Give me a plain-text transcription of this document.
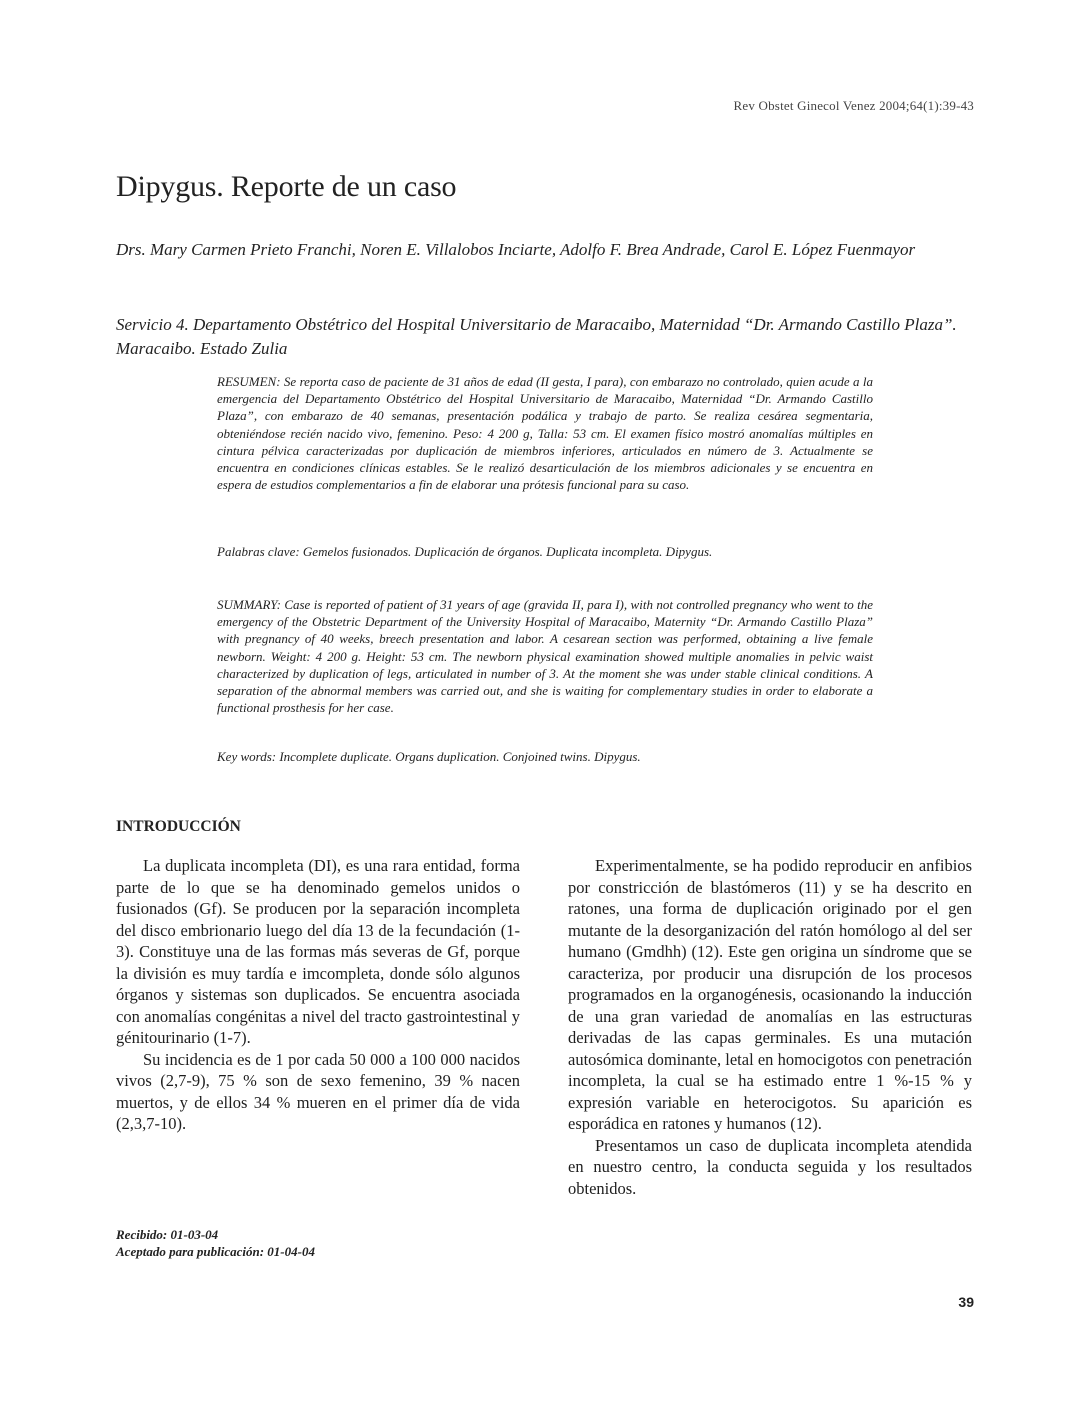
Rev Obstet Ginecol Venez 2004;64(1):39-43
Dipygus. Reporte de un caso
Drs. Mary Carmen Prieto Franchi, Noren E. Villalobos Inciarte, Adolfo F. Brea Andrade, Carol E. López Fuenmayor
Servicio 4. Departamento Obstétrico del Hospital Universitario de Maracaibo, Maternidad “Dr. Armando Castillo Plaza”. Maracaibo. Estado Zulia
RESUMEN: Se reporta caso de paciente de 31 años de edad (II gesta, I para), con embarazo no controlado, quien acude a la emergencia del Departamento Obstétrico del Hospital Universitario de Maracaibo, Maternidad “Dr. Armando Castillo Plaza”, con embarazo de 40 semanas, presentación podálica y trabajo de parto. Se realiza cesárea segmentaria, obteniéndose recién nacido vivo, femenino. Peso: 4 200 g, Talla: 53 cm. El examen físico mostró anomalías múltiples en cintura pélvica caracterizadas por duplicación de miembros inferiores, articulados en número de 3. Actualmente se encuentra en condiciones clínicas estables. Se le realizó desarticulación de los miembros adicionales y se encuentra en espera de estudios complementarios a fin de elaborar una prótesis funcional para su caso.
Palabras clave: Gemelos fusionados. Duplicación de órganos. Duplicata incompleta. Dipygus.
SUMMARY: Case is reported of patient of 31 years of age (gravida II, para I), with not controlled pregnancy who went to the emergency of the Obstetric Department of the University Hospital of Maracaibo, Maternity “Dr. Armando Castillo Plaza” with pregnancy of 40 weeks, breech presentation and labor. A cesarean section was performed, obtaining a live female newborn. Weight: 4 200 g. Height: 53 cm. The newborn physical examination showed multiple anomalies in pelvic waist characterized by duplication of legs, articulated in number of 3. At the moment she was under stable clinical conditions. A separation of the abnormal members was carried out, and she is waiting for complementary studies in order to elaborate a functional prosthesis for her case.
Key words: Incomplete duplicate. Organs duplication. Conjoined twins. Dipygus.
INTRODUCCIÓN

La duplicata incompleta (DI), es una rara entidad, forma parte de lo que se ha denominado gemelos unidos o fusionados (Gf). Se producen por la separación incompleta del disco embrionario luego del día 13 de la fecundación (1-3). Constituye una de las formas más severas de Gf, porque la división es muy tardía e imcompleta, donde sólo algunos órganos y sistemas son duplicados. Se encuentra asociada con anomalías congénitas a nivel del tracto gastrointestinal y génitourinario (1-7).

Su incidencia es de 1 por cada 50 000 a 100 000 nacidos vivos (2,7-9), 75 % son de sexo femenino, 39 % nacen muertos, y de ellos 34 % mueren en el primer día de vida (2,3,7-10).

Experimentalmente, se ha podido reproducir en anfibios por constricción de blastómeros (11) y se ha descrito en ratones, una forma de duplicación originado por el gen mutante de la desorganización del ratón homólogo al del ser humano (Gmdhh) (12). Este gen origina un síndrome que se caracteriza, por producir una disrupción de los procesos programados en la organogénesis, ocasionando la inducción de una gran variedad de anomalías en las estructuras derivadas de las capas germinales. Es una mutación autosómica dominante, letal en homocigotos con penetración incompleta, la cual se ha estimado entre 1 %-15 % y expresión variable en heterocigotos. Su aparición es esporádica en ratones y humanos (12).

Presentamos un caso de duplicata incompleta atendida en nuestro centro, la conducta seguida y los resultados obtenidos.

Recibido: 01-03-04
Aceptado para publicación: 01-04-04
39
